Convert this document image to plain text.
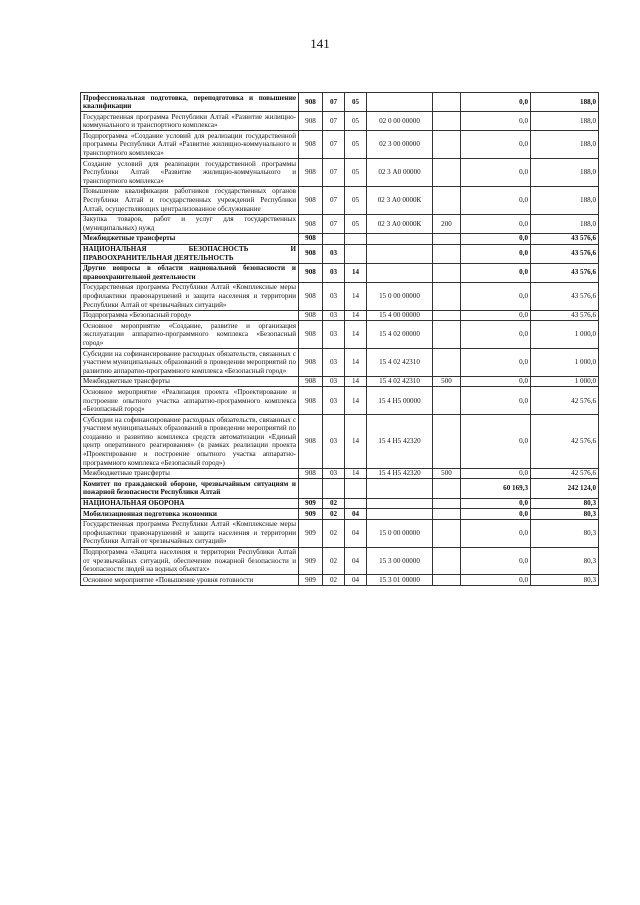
141
Профессиональная подготовка, переподготовка и повышение квалификации	908	07	05			0,0	188,0
Государственная программа Республики Алтай «Развитие жилищно-коммунального и транспортного комплекса»	908	07	05	02 0 00 00000		0,0	188,0
Подпрограмма «Создание условий для реализации государственной программы Республики Алтай «Развитие жилищно-коммунального и транспортного комплекса»	908	07	05	02 3 00 00000		0,0	188,0
Создание условий для реализации государственной программы Республики Алтай «Развитие жилищно-коммунального и транспортного комплекса»	908	07	05	02 3 А0 00000		0,0	188,0
Повышение квалификации работников государственных органов Республики Алтай и государственных учреждений Республики Алтай, осуществляющих централизованное обслуживание	908	07	05	02 3 А0 0000К		0,0	188,0
Закупка товаров, работ и услуг для государственных (муниципальных) нужд	908	07	05	02 3 А0 0000К	200	0,0	188,0
Межбюджетные трансферты	908					0,0	43 576,6
НАЦИОНАЛЬНАЯ БЕЗОПАСНОСТЬ И ПРАВООХРАНИТЕЛЬНАЯ ДЕЯТЕЛЬНОСТЬ	908	03				0,0	43 576,6
Другие вопросы в области национальной безопасности и правоохранительной деятельности	908	03	14			0,0	43 576,6
Государственная программа Республики Алтай «Комплексные меры профилактики правонарушений и защита населения и территории Республики Алтай от чрезвычайных ситуаций»	908	03	14	15 0 00 00000		0,0	43 576,6
Подпрограмма «Безопасный город»	908	03	14	15 4 00 00000		0,0	43 576,6
Основное мероприятие «Создание, развитие и организация эксплуатации аппаратно-программного комплекса «Безопасный город»	908	03	14	15 4 02 00000		0,0	1 000,0
Субсидии на софинансирование расходных обязательств, связанных с участием муниципальных образований в проведении мероприятий по развитию аппаратно-программного комплекса «Безопасный город»	908	03	14	15 4 02 42310		0,0	1 000,0
Межбюджетные трансферты	908	03	14	15 4 02 42310	500	0,0	1 000,0
Основное мероприятие «Реализация проекта «Проектирование и построение опытного участка аппаратно-программного комплекса «Безопасный город»	908	03	14	15 4 Н5 00000		0,0	42 576,6
Субсидии на софинансирование расходных обязательств, связанных с участием муниципальных образований в проведении мероприятий по созданию и развитию комплекса средств автоматизации «Единый центр оперативного реагирования» (в рамках реализации проекта «Проектирование и построение опытного участка аппаратно-программного комплекса «Безопасный город»)	908	03	14	15 4 Н5 42320		0,0	42 576,6
Межбюджетные трансферты	908	03	14	15 4 Н5 42320	500	0,0	42 576,6
Комитет по гражданской обороне, чрезвычайным ситуациям и пожарной безопасности Республики Алтай						60 169,3	242 124,0
НАЦИОНАЛЬНАЯ ОБОРОНА	909	02				0,0	80,3
Мобилизационная подготовка экономики	909	02	04			0,0	80,3
Государственная программа Республики Алтай «Комплексные меры профилактики правонарушений и защита населения и территории Республики Алтай от чрезвычайных ситуаций»	909	02	04	15 0 00 00000		0,0	80,3
Подпрограмма «Защита населения и территории Республики Алтай от чрезвычайных ситуаций, обеспечение пожарной безопасности и безопасности людей на водных объектах»	909	02	04	15 3 00 00000		0,0	80,3
Основное мероприятие «Повышение уровня готовности	909	02	04	15 3 01 00000		0,0	80,3
